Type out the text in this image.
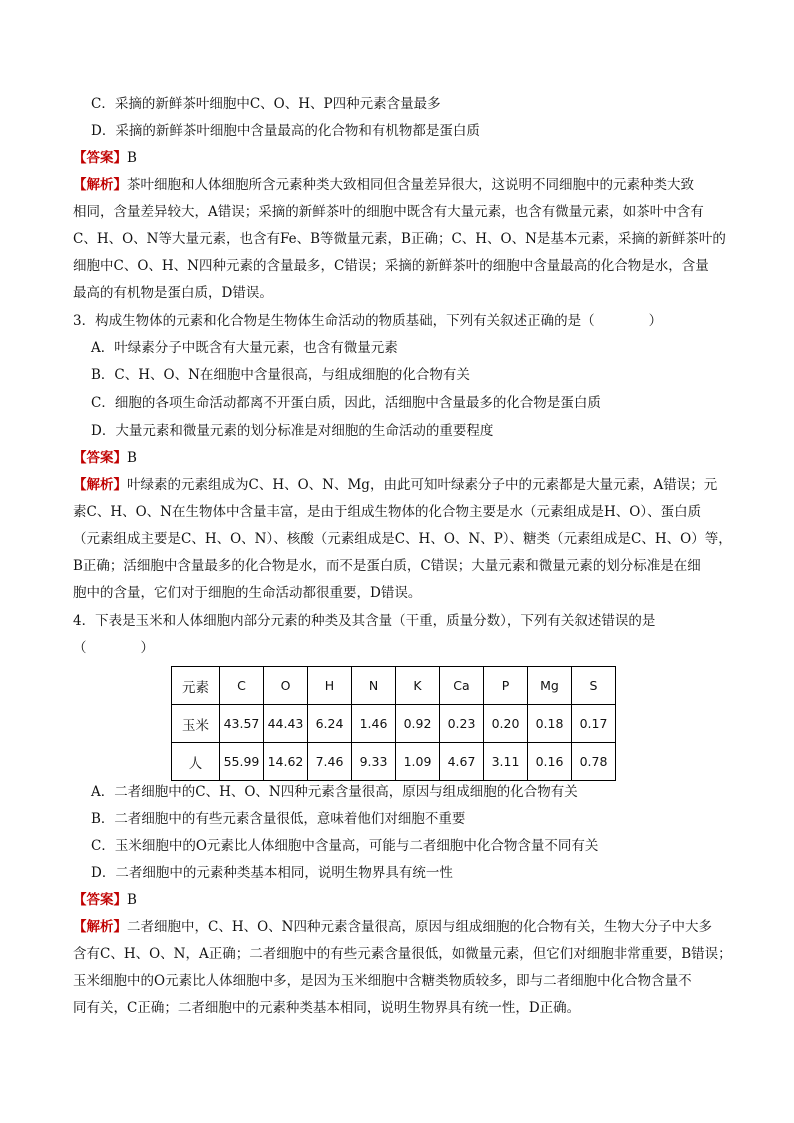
C．采摘的新鲜茶叶细胞中C、O、H、P四种元素含量最多
D．采摘的新鲜茶叶细胞中含量最高的化合物和有机物都是蛋白质
【答案】B
【解析】茶叶细胞和人体细胞所含元素种类大致相同但含量差异很大，这说明不同细胞中的元素种类大致
相同，含量差异较大，A错误；采摘的新鲜茶叶的细胞中既含有大量元素，也含有微量元素，如茶叶中含有
C、H、O、N等大量元素，也含有Fe、B等微量元素，B正确；C、H、O、N是基本元素，采摘的新鲜茶叶的
细胞中C、O、H、N四种元素的含量最多，C错误；采摘的新鲜茶叶的细胞中含量最高的化合物是水，含量
最高的有机物是蛋白质，D错误。
3．构成生物体的元素和化合物是生物体生命活动的物质基础，下列有关叙述正确的是（　　　　）
A．叶绿素分子中既含有大量元素，也含有微量元素
B．C、H、O、N在细胞中含量很高，与组成细胞的化合物有关
C．细胞的各项生命活动都离不开蛋白质，因此，活细胞中含量最多的化合物是蛋白质
D．大量元素和微量元素的划分标准是对细胞的生命活动的重要程度
【答案】B
【解析】叶绿素的元素组成为C、H、O、N、Mg，由此可知叶绿素分子中的元素都是大量元素，A错误；元
素C、H、O、N在生物体中含量丰富，是由于组成生物体的化合物主要是水（元素组成是H、O）、蛋白质
（元素组成主要是C、H、O、N）、核酸（元素组成是C、H、O、N、P）、糖类（元素组成是C、H、O）等，
B正确；活细胞中含量最多的化合物是水，而不是蛋白质，C错误；大量元素和微量元素的划分标准是在细
胞中的含量，它们对于细胞的生命活动都很重要，D错误。
4．下表是玉米和人体细胞内部分元素的种类及其含量（干重，质量分数），下列有关叙述错误的是
（　　　　）
元素	C	O	H	N	K	Ca	P	Mg	S
玉米	43.57	44.43	6.24	1.46	0.92	0.23	0.20	0.18	0.17
人	55.99	14.62	7.46	9.33	1.09	4.67	3.11	0.16	0.78
A．二者细胞中的C、H、O、N四种元素含量很高，原因与组成细胞的化合物有关
B．二者细胞中的有些元素含量很低，意味着他们对细胞不重要
C．玉米细胞中的O元素比人体细胞中含量高，可能与二者细胞中化合物含量不同有关
D．二者细胞中的元素种类基本相同，说明生物界具有统一性
【答案】B
【解析】二者细胞中，C、H、O、N四种元素含量很高，原因与组成细胞的化合物有关，生物大分子中大多
含有C、H、O、N，A正确；二者细胞中的有些元素含量很低，如微量元素，但它们对细胞非常重要，B错误；
玉米细胞中的O元素比人体细胞中多，是因为玉米细胞中含糖类物质较多，即与二者细胞中化合物含量不
同有关，C正确；二者细胞中的元素种类基本相同，说明生物界具有统一性，D正确。
